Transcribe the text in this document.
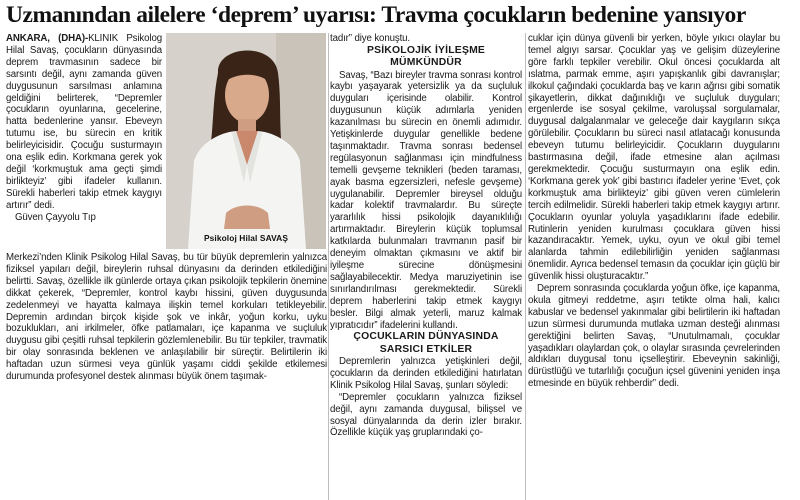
Uzmanından ailelere ‘deprem’ uyarısı: Travma çocukların bedenine yansıyor

ANKARA, (DHA)-KLİNİK Psikolog Hilal Savaş, çocukların dünyasında deprem travmasının sadece bir sarsıntı değil, aynı zamanda güven duygusunun sarsılması anlamına geldiğini belirterek, “Depremler çocukların oyunlarına, gecelerine, hatta bedenlerine yansır. Ebeveyn tutumu ise, bu sürecin en kritik belirleyicisidir. Çocuğu susturmayın ona eşlik edin. Korkmana gerek yok değil ‘korkmuştuk ama geçti şimdi birlikteyiz’ gibi ifadeler kullanın. Sürekli haberleri takip etmek kaygıyı artırır” dedi.

Güven Çayyolu Tıp

Psikoloj Hilal SAVAŞ

Merkezi’nden Klinik Psikolog Hilal Savaş, bu tür büyük depremlerin yalnızca fiziksel yapıları değil, bireylerin ruhsal dünyasını da derinden etkilediğini belirtti. Savaş, özellikle ilk günlerde ortaya çıkan psikolojik tepkilerin önemine dikkat çekerek, “Depremler, kontrol kaybı hissini, güven duygusunda zedelenmeyi ve hayatta kalmaya ilişkin temel korkuları tetikleyebilir. Depremin ardından birçok kişide şok ve inkâr, yoğun korku, uyku bozuklukları, ani irkilmeler, öfke patlamaları, içe kapanma ve suçluluk duygusu gibi çeşitli ruhsal tepkilerin gözlemlenebilir. Bu tür tepkiler, travmatik bir olay sonrasında beklenen ve anlaşılabilir bir süreçtir. Belirtilerin iki haftadan uzun sürmesi veya günlük yaşamı ciddi şekilde etkilemesi durumunda profesyonel destek alınması büyük önem taşımak-

tadır” diye konuştu.

PSİKOLOJİK İYİLEŞME
MÜMKÜNDÜR

Savaş, “Bazı bireyler travma sonrası kontrol kaybı yaşayarak yetersizlik ya da suçluluk duyguları içerisinde olabilir. Kontrol duygusunun küçük adımlarla yeniden kazanılması bu sürecin en önemli adımıdır. Yetişkinlerde duygular genellikle bedene taşınmaktadır. Travma sonrası bedensel regülasyonun sağlanması için mindfulness temelli gevşeme teknikleri (beden taraması, ayak basma egzersizleri, nefesle gevşeme) uygulanabilir. Depremler bireysel olduğu kadar kolektif travmalardır. Bu süreçte yararlılık hissi psikolojik dayanıklılığı artırmaktadır. Bireylerin küçük toplumsal katkılarda bulunmaları travmanın pasif bir deneyim olmaktan çıkmasını ve aktif bir iyileşme sürecine dönüşmesini sağlayabilecektir. Medya maruziyetinin ise sınırlandırılması gerekmektedir. Sürekli deprem haberlerini takip etmek kaygıyı besler. Bilgi almak yeterli, maruz kalmak yıpratıcıdır” ifadelerini kullandı.

ÇOCUKLARIN DÜNYASINDA
SARSICI ETKİLER

Depremlerin yalnızca yetişkinleri değil, çocukların da derinden etkilediğini hatırlatan Klinik Psikolog Hilal Savaş, şunları söyledi:

“Depremler çocukların yalnızca fiziksel değil, aynı zamanda duygusal, bilişsel ve sosyal dünyalarında da derin izler bırakır. Özellikle küçük yaş gruplarındaki ço-

cuklar için dünya güvenli bir yerken, böyle yıkıcı olaylar bu temel algıyı sarsar. Çocuklar yaş ve gelişim düzeylerine göre farklı tepkiler verebilir. Okul öncesi çocuklarda alt ıslatma, parmak emme, aşırı yapışkanlık gibi davranışlar; ilkokul çağındaki çocuklarda baş ve karın ağrısı gibi somatik şikayetlerin, dikkat dağınıklığı ve suçluluk duyguları; ergenlerde ise sosyal çekilme, varoluşsal sorgulamalar, duygusal dalgalanmalar ve geleceğe dair kaygıların sıkça görülebilir. Çocukların bu süreci nasıl atlatacağı konusunda ebeveyn tutumu belirleyicidir. Çocukların duygularını bastırmasına değil, ifade etmesine alan açılması gerekmektedir. Çocuğu susturmayın ona eşlik edin. ‘Korkmana gerek yok’ gibi bastırıcı ifadeler yerine ‘Evet, çok korkmuştuk ama birlikteyiz’ gibi güven veren cümlelerin tercih edilmelidir. Sürekli haberleri takip etmek kaygıyı artırır. Çocukların oyunlar yoluyla yaşadıklarını ifade edebilir. Rutinlerin yeniden kurulması çocuklara güven hissi kazandıracaktır. Yemek, uyku, oyun ve okul gibi temel alanlarda tahmin edilebilirliğin yeniden sağlanması önemlidir. Ayrıca bedensel temasın da çocuklar için güçlü bir güvenlik hissi oluşturacaktır.”

Deprem sonrasında çocuklarda yoğun öfke, içe kapanma, okula gitmeyi reddetme, aşırı tetikte olma hali, kalıcı kabuslar ve bedensel yakınmalar gibi belirtilerin iki haftadan uzun sürmesi durumunda mutlaka uzman desteği alınması gerektiğini belirten Savaş, “Unutulmamalı, çocuklar yaşadıkları olaylardan çok, o olaylar sırasında çevrelerinden aldıkları duygusal tonu içselleştirir. Ebeveynin sakinliği, dürüstlüğü ve tutarlılığı çocuğun içsel güvenini yeniden inşa etmesinde en büyük rehberdir” dedi.
